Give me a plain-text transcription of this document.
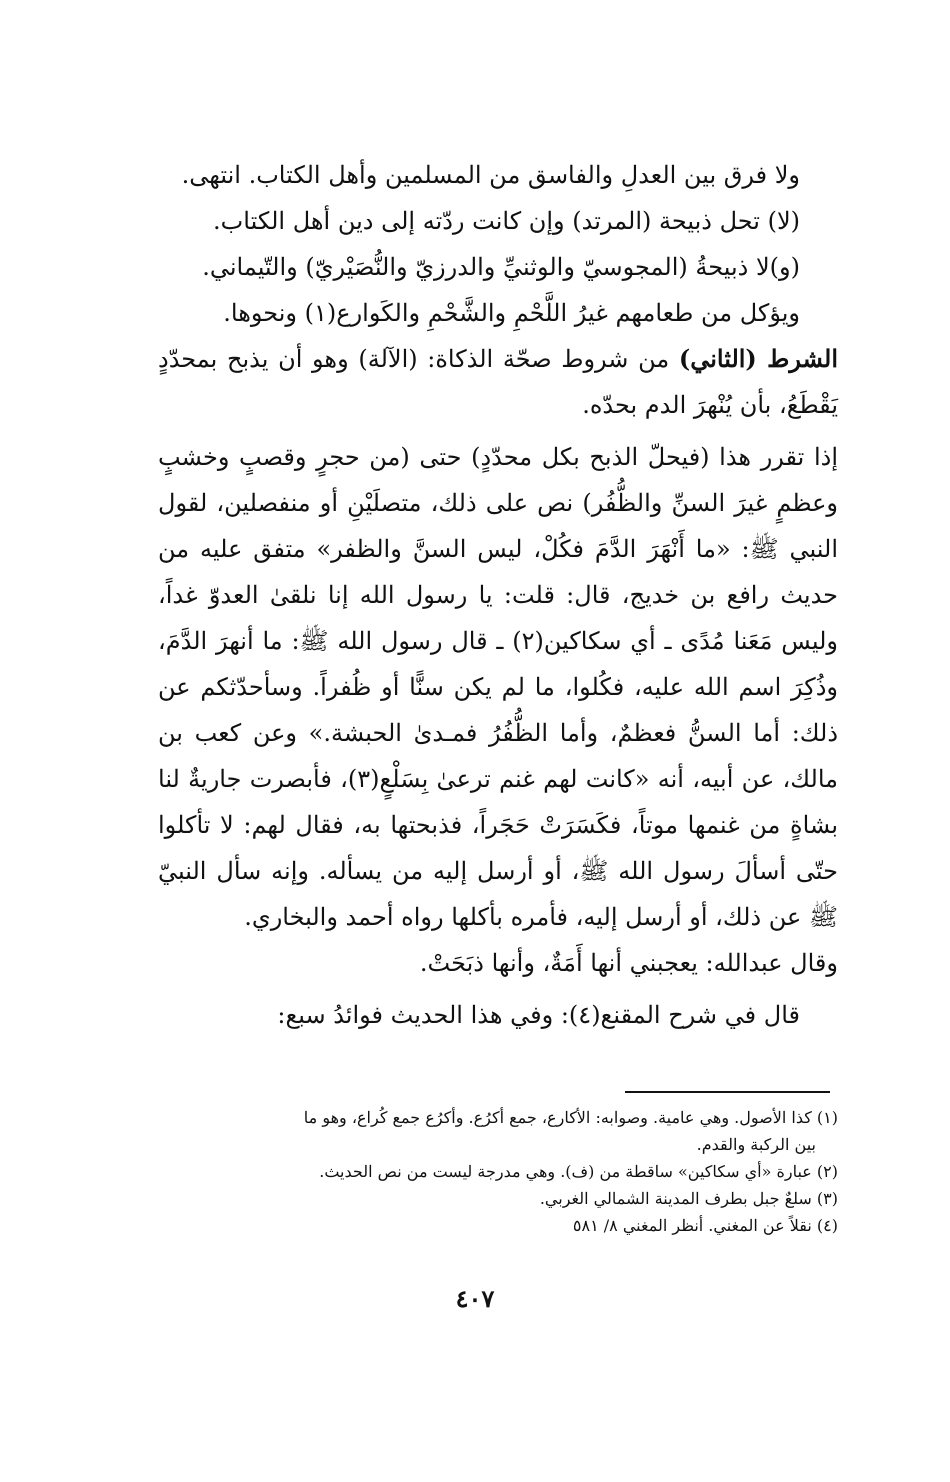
ولا فرق بين العدلِ والفاسق من المسلمين وأهل الكتاب. انتهى.

(لا) تحل ذبيحة (المرتد) وإن كانت ردّته إلى دين أهل الكتاب.

(و)لا ذبيحةُ (المجوسيّ والوثنيِّ والدرزيّ والنُّصَيْريّ) والتّيماني.

ويؤكل من طعامهم غيرُ اللَّحْمِ والشَّحْمِ والكَوارع(١) ونحوها.

الشرط (الثاني) من شروط صحّة الذكاة: (الآلة) وهو أن يذبح بمحدّدٍ يَقْطَعُ، بأن يُنْهرَ الدم بحدّه.

إذا تقرر هذا (فيحلّ الذبح بكل محدّدٍ) حتى (من حجرٍ وقصبٍ وخشبٍ وعظمٍ غيرَ السنِّ والظُّفُر) نص على ذلك، متصلَيْنِ أو منفصلين، لقول النبي ﷺ: «ما أَنْهَرَ الدَّمَ فكُلْ، ليس السنَّ والظفر» متفق عليه من حديث رافع بن خديج، قال: قلت: يا رسول الله إنا نلقىٰ العدوّ غداً، وليس مَعَنا مُدًى ـ أي سكاكين(٢) ـ قال رسول الله ﷺ: ما أنهرَ الدَّمَ، وذُكِرَ اسم الله عليه، فكُلوا، ما لم يكن سنًّا أو ظُفراً. وسأحدّثكم عن ذلك: أما السنُّ فعظمٌ، وأما الظُّفُرُ فمـدىٰ الحبشة.» وعن كعب بن مالك، عن أبيه، أنه «كانت لهم غنم ترعىٰ بِسَلْعٍ(٣)، فأبصرت جاريةٌ لنا بشاةٍ من غنمها موتاً، فكَسَرَتْ حَجَراً، فذبحتها به، فقال لهم: لا تأكلوا حتّى أسألَ رسول الله ﷺ، أو أرسل إليه من يسأله. وإنه سأل النبيّ ﷺ عن ذلك، أو أرسل إليه، فأمره بأكلها رواه أحمد والبخاري.

وقال عبدالله: يعجبني أنها أَمَةٌ، وأنها ذبَحَتْ.

قال في شرح المقنع(٤): وفي هذا الحديث فوائدُ سبع:

(١) كذا الأصول. وهي عامية. وصوابه: الأكارع، جمع أكرُع. وأكرُع جمع كُراع، وهو ما

بين الركبة والقدم.

(٢) عبارة «أي سكاكين» ساقطة من (ف). وهي مدرجة ليست من نص الحديث.

(٣) سلعٌ جبل بطرف المدينة الشمالي الغربي.

(٤) نقلاً عن المغني. أنظر المغني ٨/ ٥٨١

٤٠٧
